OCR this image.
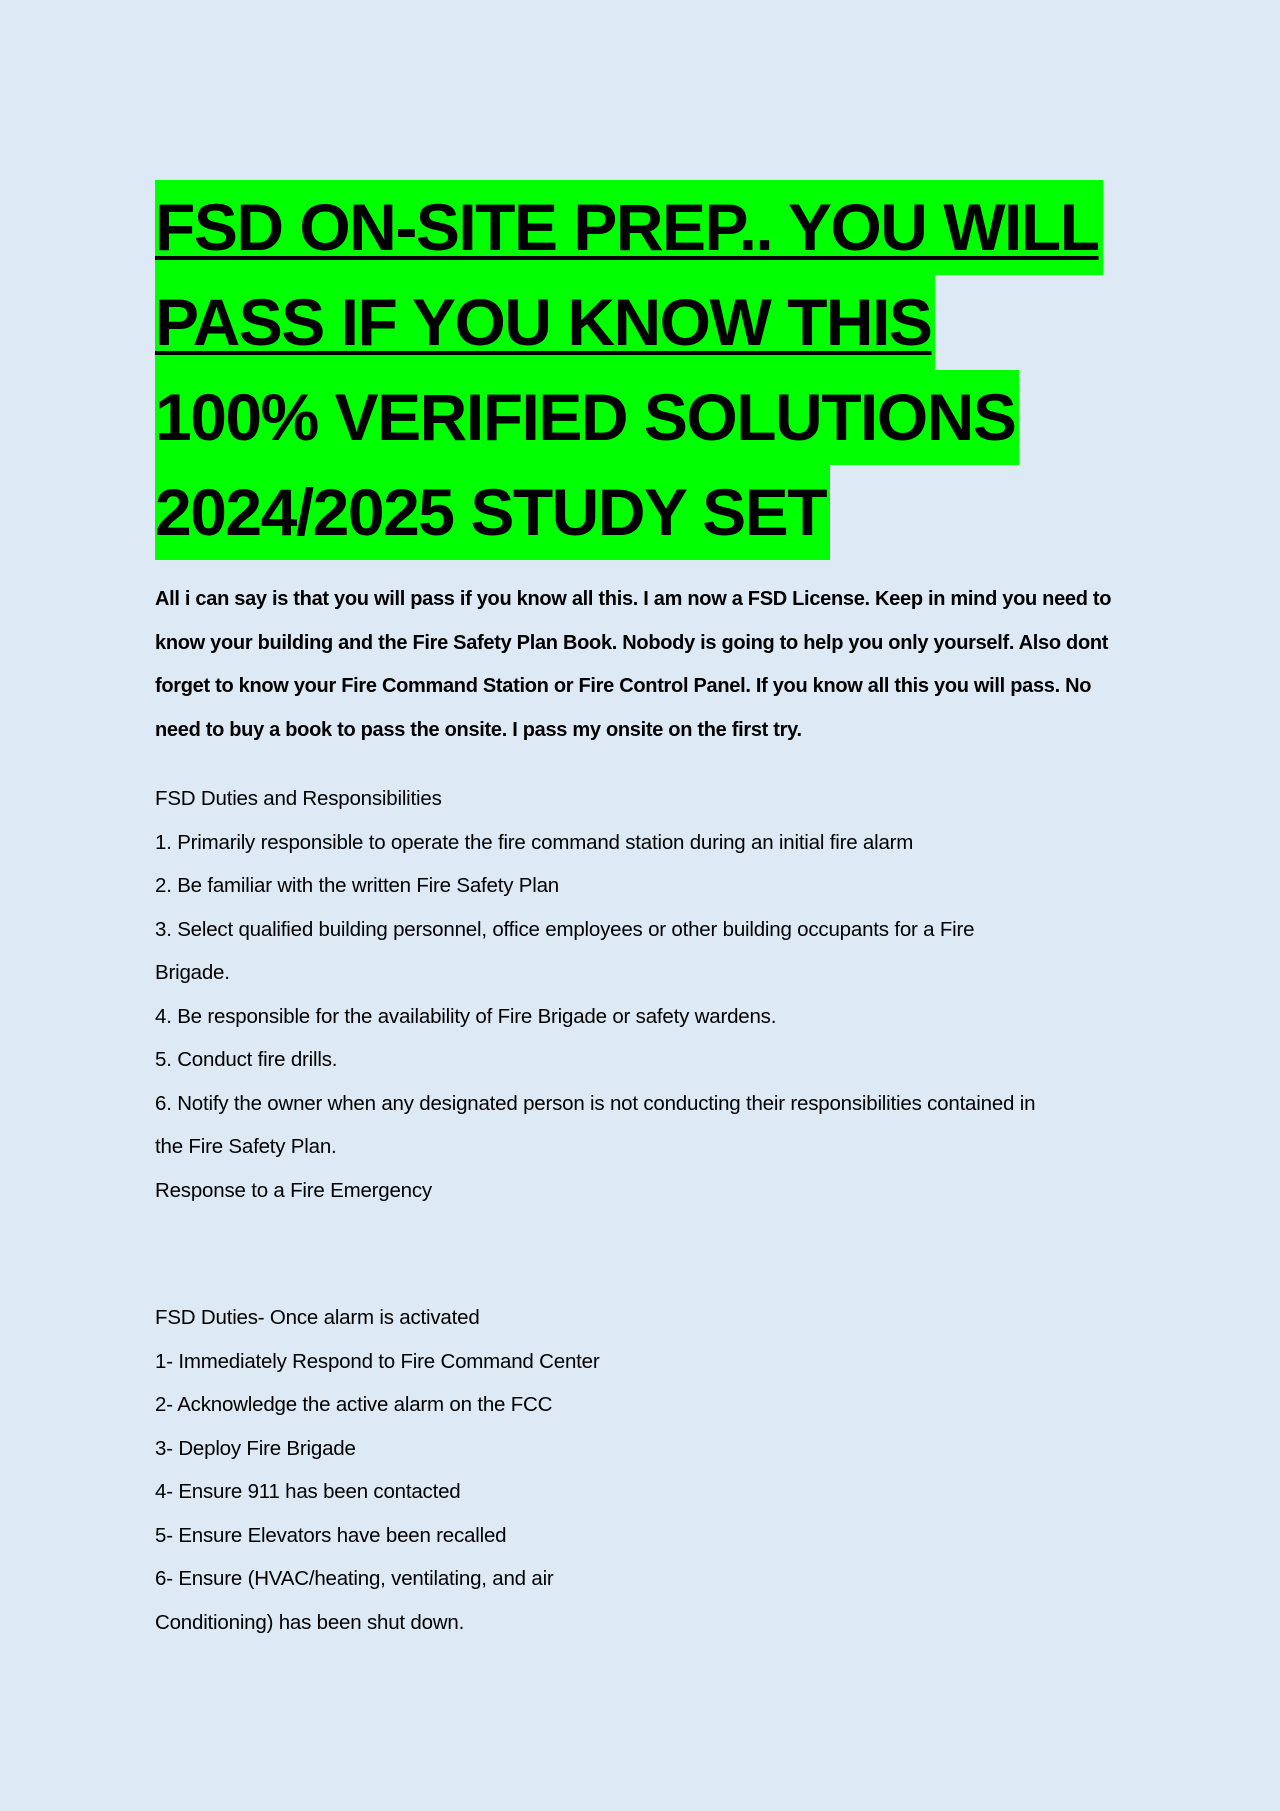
FSD ON-SITE PREP.. YOU WILL
PASS IF YOU KNOW THIS
100% VERIFIED SOLUTIONS
2024/2025 STUDY SET
All i can say is that you will pass if you know all this. I am now a FSD License. Keep in mind you need to know your building and the Fire Safety Plan Book. Nobody is going to help you only yourself. Also dont forget to know your Fire Command Station or Fire Control Panel. If you know all this you will pass. No need to buy a book to pass the onsite. I pass my onsite on the first try.
FSD Duties and Responsibilities
1. Primarily responsible to operate the fire command station during an initial fire alarm
2. Be familiar with the written Fire Safety Plan
3. Select qualified building personnel, office employees or other building occupants for a Fire
Brigade.
4. Be responsible for the availability of Fire Brigade or safety wardens.
5. Conduct fire drills.
6. Notify the owner when any designated person is not conducting their responsibilities contained in
the Fire Safety Plan.
Response to a Fire Emergency
FSD Duties- Once alarm is activated
1- Immediately Respond to Fire Command Center
2- Acknowledge the active alarm on the FCC
3- Deploy Fire Brigade
4- Ensure 911 has been contacted
5- Ensure Elevators have been recalled
6- Ensure (HVAC/heating, ventilating, and air
Conditioning) has been shut down.
